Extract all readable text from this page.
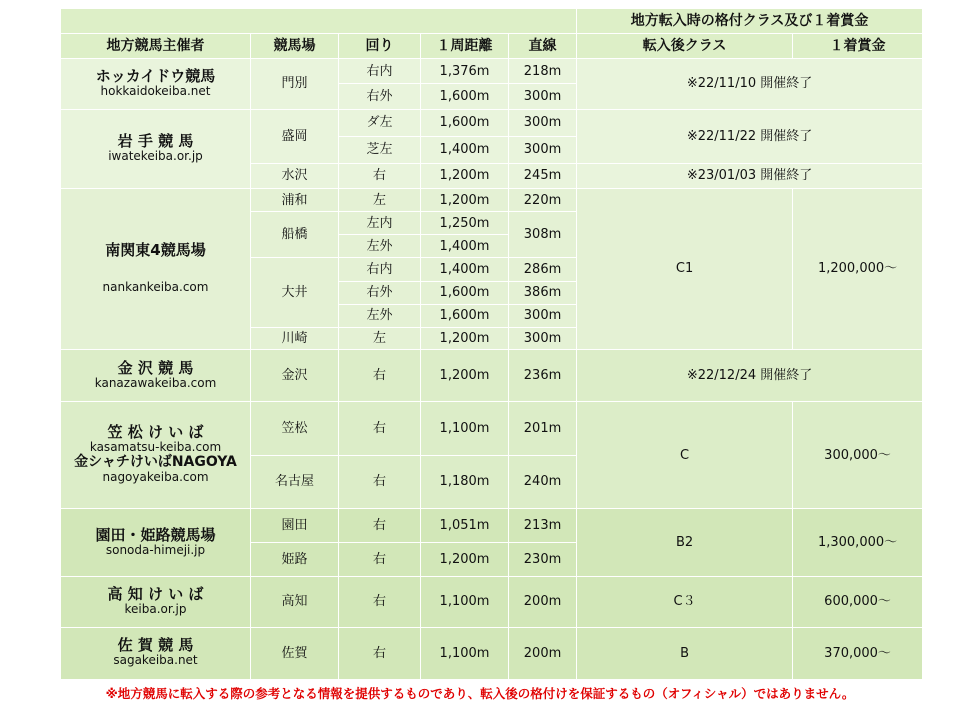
					地方転入時の格付クラス及び１着賞金	
地方競馬主催者	競馬場	回り	１周距離	直線	転入後クラス	１着賞金

ホッカイドウ競馬
hokkaidokeiba.net	門別	右内	1,376m	218m	※22/11/10 開催終了	
		右外	1,600m	300m		

岩 手 競 馬
iwatekeiba.or.jp	盛岡	ダ左	1,600m	300m	※22/11/22 開催終了	
		芝左	1,400m	300m		
	水沢	右	1,200m	245m	※23/01/03 開催終了	

南関東4競馬場
nankankeiba.com	浦和	左	1,200m	220m	C1	1,200,000～
	船橋	左内	1,250m	308m		
		左外	1,400m			
	大井	右内	1,400m	286m		
		右外	1,600m	386m		
		左外	1,600m	300m		
	川崎	左	1,200m	300m		

金 沢 競 馬
kanazawakeiba.com	金沢	右	1,200m	236m	※22/12/24 開催終了	

笠 松 け い ば
kasamatsu-keiba.com
金シャチけいばNAGOYA
nagoyakeiba.com	笠松	右	1,100m	201m	C	300,000～
	名古屋	右	1,180m	240m		

園田・姫路競馬場
sonoda-himeji.jp	園田	右	1,051m	213m	B2	1,300,000～
	姫路	右	1,200m	230m		

高 知 け い ば
keiba.or.jp	高知	右	1,100m	200m	C３	600,000～

佐 賀 競 馬
sagakeiba.net	佐賀	右	1,100m	200m	B	370,000～
※地方競馬に転入する際の参考となる情報を提供するものであり、転入後の格付けを保証するもの（オフィシャル）ではありません。
